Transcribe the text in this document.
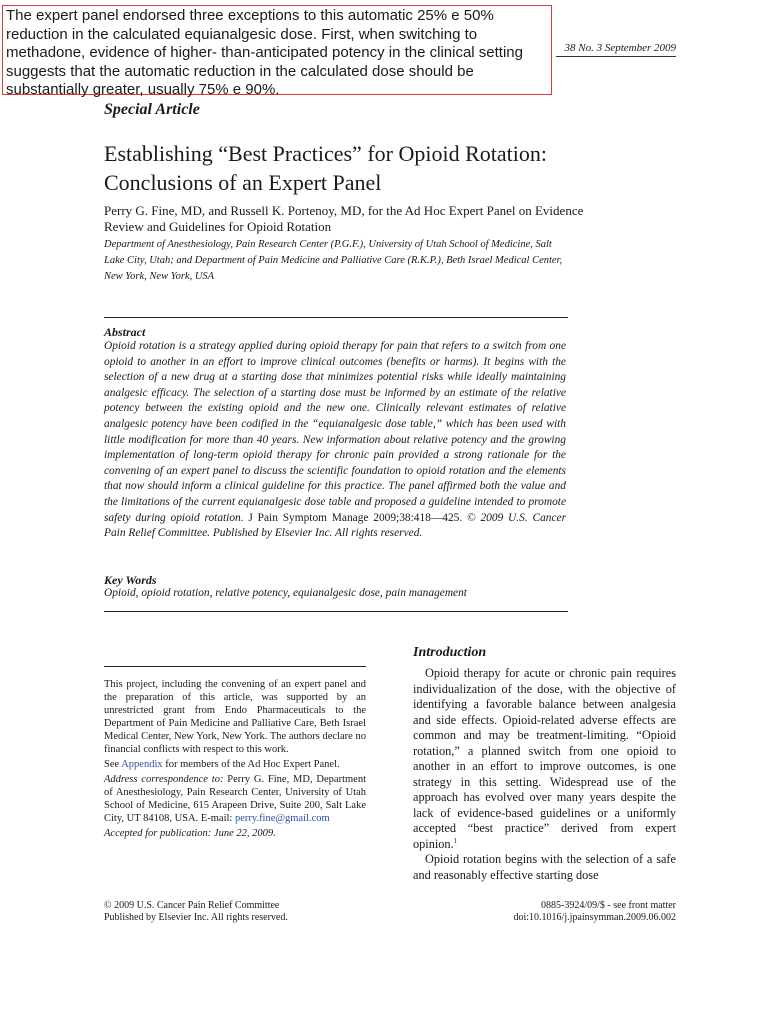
The expert panel endorsed three exceptions to this automatic 25% e 50% reduction in the calculated equianalgesic dose. First, when switching to methadone, evidence of higher- than-anticipated potency in the clinical setting suggests that the automatic reduction in the calculated dose should be substantially greater, usually 75% e 90%.
38 No. 3 September 2009
Special Article
Establishing “Best Practices” for Opioid Rotation: Conclusions of an Expert Panel
Perry G. Fine, MD, and Russell K. Portenoy, MD, for the Ad Hoc Expert Panel on Evidence Review and Guidelines for Opioid Rotation
Department of Anesthesiology, Pain Research Center (P.G.F.), University of Utah School of Medicine, Salt Lake City, Utah; and Department of Pain Medicine and Palliative Care (R.K.P.), Beth Israel Medical Center, New York, New York, USA
Abstract
Opioid rotation is a strategy applied during opioid therapy for pain that refers to a switch from one opioid to another in an effort to improve clinical outcomes (benefits or harms). It begins with the selection of a new drug at a starting dose that minimizes potential risks while ideally maintaining analgesic efficacy. The selection of a starting dose must be informed by an estimate of the relative potency between the existing opioid and the new one. Clinically relevant estimates of relative analgesic potency have been codified in the “equianalgesic dose table,” which has been used with little modification for more than 40 years. New information about relative potency and the growing implementation of long-term opioid therapy for chronic pain provided a strong rationale for the convening of an expert panel to discuss the scientific foundation to opioid rotation and the elements that now should inform a clinical guideline for this practice. The panel affirmed both the value and the limitations of the current equianalgesic dose table and proposed a guideline intended to promote safety during opioid rotation. J Pain Symptom Manage 2009;38:418—425. © 2009 U.S. Cancer Pain Relief Committee. Published by Elsevier Inc. All rights reserved.
Key Words
Opioid, opioid rotation, relative potency, equianalgesic dose, pain management
Introduction

Opioid therapy for acute or chronic pain requires individualization of the dose, with the objective of identifying a favorable balance between analgesia and side effects. Opioid-related adverse effects are common and may be treatment-limiting. “Opioid rotation,” a planned switch from one opioid to another in an effort to improve outcomes, is one strategy in this setting. Widespread use of the approach has evolved over many years despite the lack of evidence-based guidelines or a uniformly accepted “best practice” derived from expert opinion.$^1$

Opioid rotation begins with the selection of a safe and reasonably effective starting dose

This project, including the convening of an expert panel and the preparation of this article, was supported by an unrestricted grant from Endo Pharmaceuticals to the Department of Pain Medicine and Palliative Care, Beth Israel Medical Center, New York, New York. The authors declare no financial conflicts with respect to this work.

See Appendix for members of the Ad Hoc Expert Panel.

Address correspondence to: Perry G. Fine, MD, Department of Anesthesiology, Pain Research Center, University of Utah School of Medicine, 615 Arapeen Drive, Suite 200, Salt Lake City, UT 84108, USA. E-mail: perry.fine@gmail.com

Accepted for publication: June 22, 2009.

© 2009 U.S. Cancer Pain Relief Committee
Published by Elsevier Inc. All rights reserved.
0885-3924/09/$ - see front matter
doi:10.1016/j.jpainsymman.2009.06.002
